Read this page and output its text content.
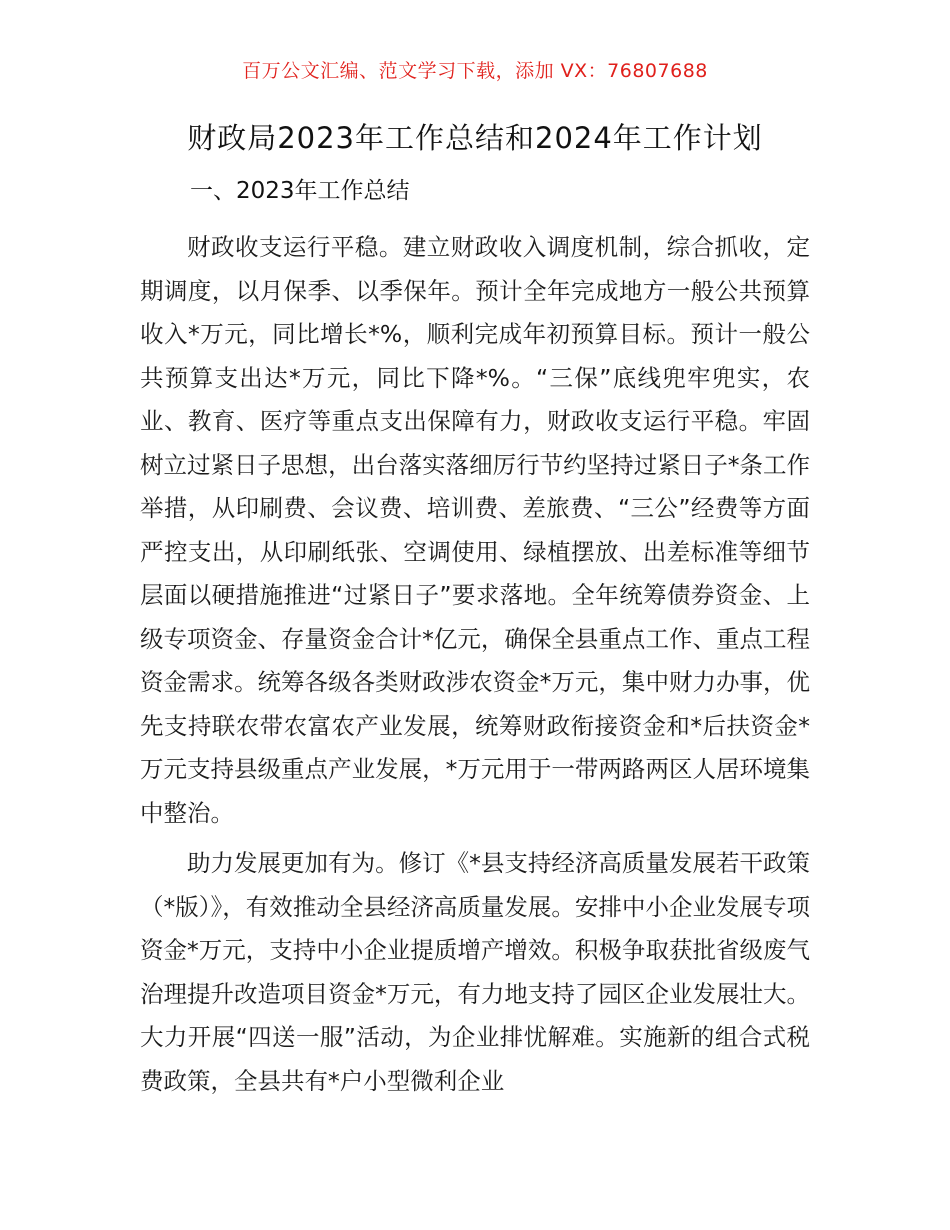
百万公文汇编、范文学习下载，添加 VX：76807688
财政局2023年工作总结和2024年工作计划
一、2023年工作总结

财政收支运行平稳。建立财政收入调度机制，综合抓收，定期调度，以月保季、以季保年。预计全年完成地方一般公共预算收入*万元，同比增长*%，顺利完成年初预算目标。预计一般公共预算支出达*万元，同比下降*%。“三保”底线兜牢兜实，农业、教育、医疗等重点支出保障有力，财政收支运行平稳。牢固树立过紧日子思想，出台落实落细厉行节约坚持过紧日子*条工作举措，从印刷费、会议费、培训费、差旅费、“三公”经费等方面严控支出，从印刷纸张、空调使用、绿植摆放、出差标准等细节层面以硬措施推进“过紧日子”要求落地。全年统筹债券资金、上级专项资金、存量资金合计*亿元，确保全县重点工作、重点工程资金需求。统筹各级各类财政涉农资金*万元，集中财力办事，优先支持联农带农富农产业发展，统筹财政衔接资金和*后扶资金*万元支持县级重点产业发展，*万元用于一带两路两区人居环境集中整治。

助力发展更加有为。修订《*县支持经济高质量发展若干政策（*版）》，有效推动全县经济高质量发展。安排中小企业发展专项资金*万元，支持中小企业提质增产增效。积极争取获批省级废气治理提升改造项目资金*万元，有力地支持了园区企业发展壮大。大力开展“四送一服”活动，为企业排忧解难。实施新的组合式税费政策，全县共有*户小型微利企业
